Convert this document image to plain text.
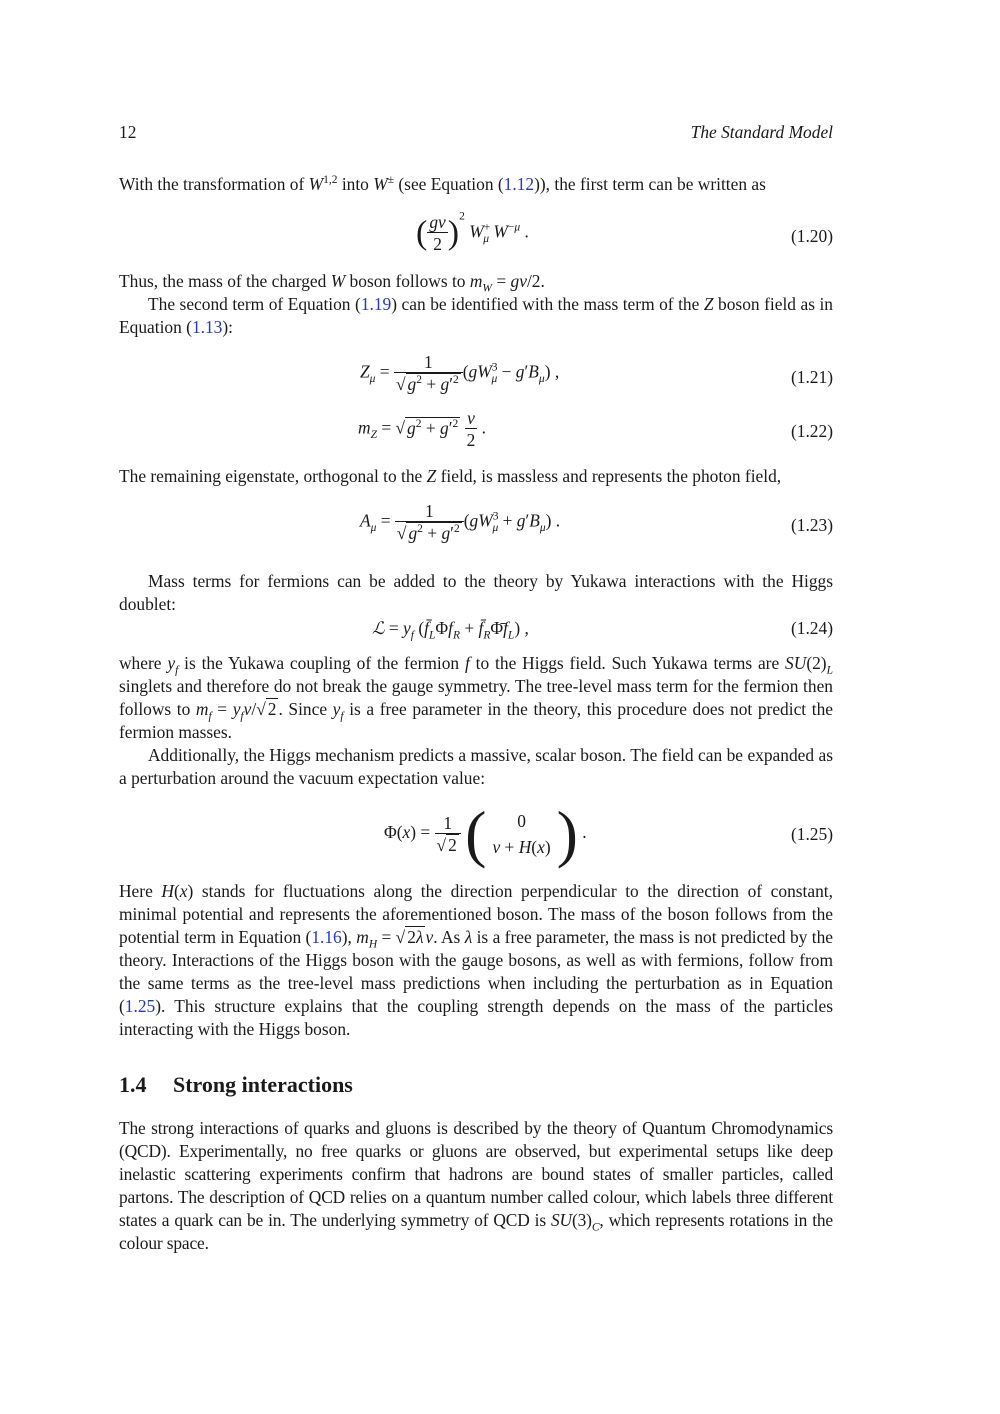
12	The Standard Model

With the transformation of W$^{1,2}$ into W± (see Equation (1.12)), the first term can be written as

( $\frac{gv}{2} )^2$ $W^+_\mu$ $W^{-\mu}$ .	(1.20)

Thus, the mass of the charged W boson follows to $m_W = gv/2$.

The second term of Equation (1.19) can be identified with the mass term of the Z boson field as in Equation (1.13):

$Z_\mu = \frac{1}{√ g^2 + g'^2} (gW^3_\mu - g'B_\mu)$ ,	(1.21)
$m_Z$ = √ $g^2 + g'^2 \frac{v}{2}$ .	(1.22)

The remaining eigenstate, orthogonal to the Z field, is massless and represents the photon field,

$A_\mu = \frac{1}{√ g^2 + g'^2} (gW^3_\mu + g'B_\mu)$ .	(1.23)

Mass terms for fermions can be added to the theory by Yukawa interactions with the Higgs doublet:

ℒ = $y_f$ ($f̄_L\Phi f_R$ + $f̄_R\Phīf_L$) ,	(1.24)

where $y_f$ is the Yukawa coupling of the fermion f to the Higgs field. Such Yukawa terms are $SU(2)_L$ singlets and therefore do not break the gauge symmetry. The tree-level mass term for the fermion then follows to $m_f = y_fv/√$ 2 . Since $y_f$ is a free parameter in the theory, this procedure does not predict the fermion masses.

Additionally, the Higgs mechanism predicts a massive, scalar boson. The field can be expanded as a perturbation around the vacuum expectation value:

$\Phi(x) = \frac{1}{√ 2}$ (	0
v + H(x) ) .	(1.25)

Here H(x) stands for fluctuations along the direction perpendicular to the direction of constant, minimal potential and represents the aforementioned boson. The mass of the boson follows from the potential term in Equation (1.16), $m_H$ = √ 2λ v. As λ is a free parameter, the mass is not predicted by the theory. Interactions of the Higgs boson with the gauge bosons, as well as with fermions, follow from the same terms as the tree-level mass predictions when including the perturbation as in Equation (1.25). This structure explains that the coupling strength depends on the mass of the particles interacting with the Higgs boson.

1.4 Strong interactions

The strong interactions of quarks and gluons is described by the theory of Quantum Chromodynamics (QCD). Experimentally, no free quarks or gluons are observed, but experimental setups like deep inelastic scattering experiments confirm that hadrons are bound states of smaller particles, called partons. The description of QCD relies on a quantum number called colour, which labels three different states a quark can be in. The underlying symmetry of QCD is $SU(3)_C$, which represents rotations in the colour space.
